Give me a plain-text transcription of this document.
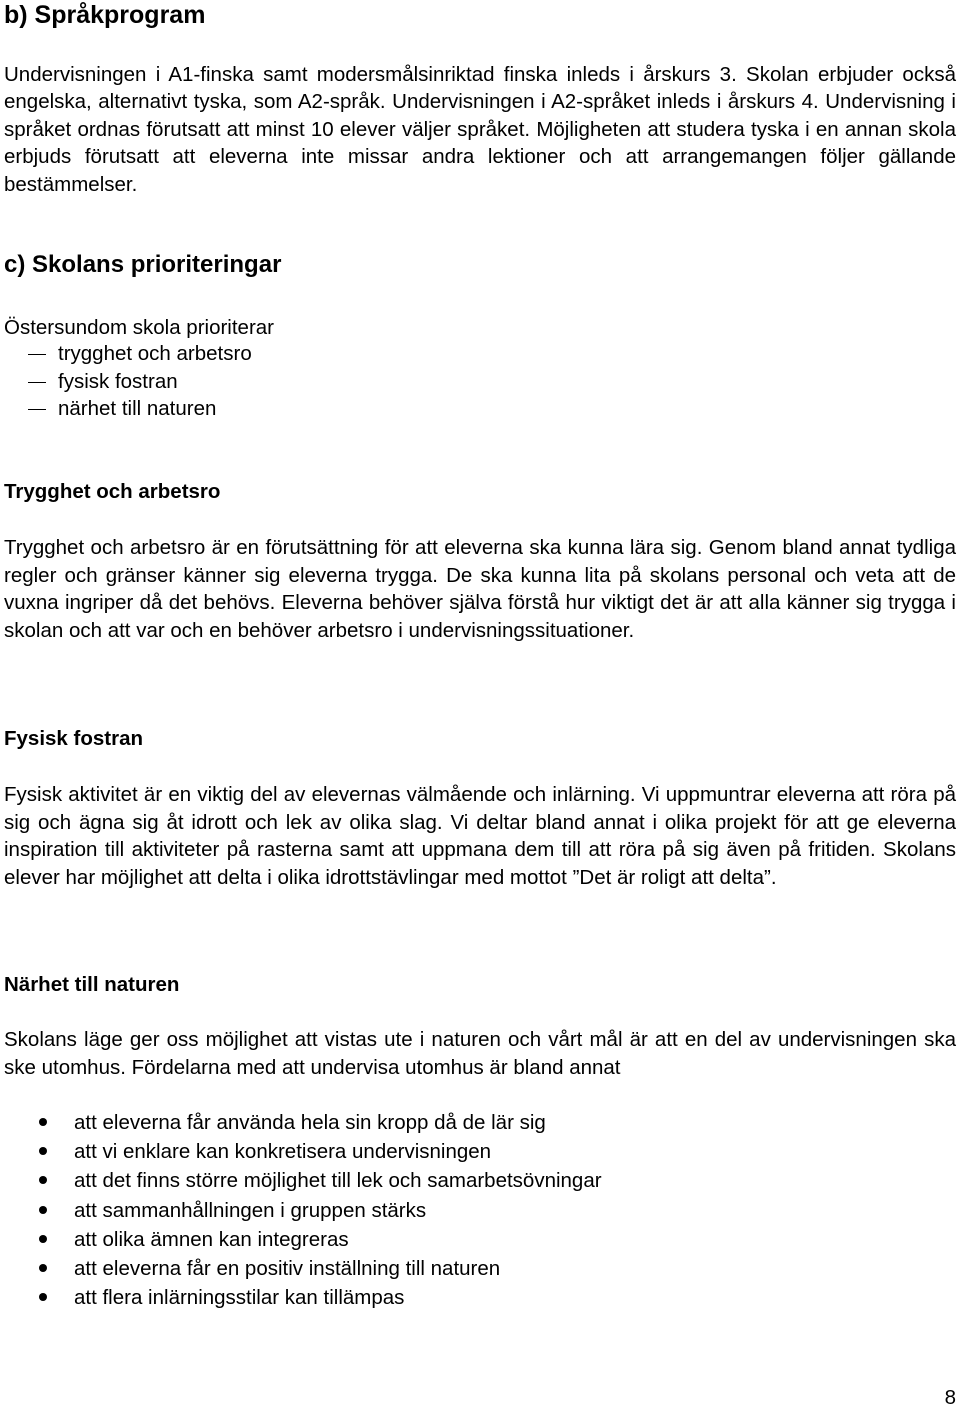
b) Språkprogram

Undervisningen i A1-finska samt modersmålsinriktad finska inleds i årskurs 3. Skolan erbjuder också engelska, alternativt tyska, som A2-språk. Undervisningen i A2-språket inleds i årskurs 4. Undervisning i språket ordnas förutsatt att minst 10 elever väljer språket. Möjligheten att studera tyska i en annan skola erbjuds förutsatt att eleverna inte missar andra lektioner och att arrangemangen följer gällande bestämmelser.

c) Skolans prioriteringar

Östersundom skola prioriterar

trygghet och arbetsro
fysisk fostran
närhet till naturen
Trygghet och arbetsro

Trygghet och arbetsro är en förutsättning för att eleverna ska kunna lära sig. Genom bland annat tydliga regler och gränser känner sig eleverna trygga. De ska kunna lita på skolans personal och veta att de vuxna ingriper då det behövs. Eleverna behöver själva förstå hur viktigt det är att alla känner sig trygga i skolan och att var och en behöver arbetsro i undervisningssituationer.

Fysisk fostran

Fysisk aktivitet är en viktig del av elevernas välmående och inlärning. Vi uppmuntrar eleverna att röra på sig och ägna sig åt idrott och lek av olika slag. Vi deltar bland annat i olika projekt för att ge eleverna inspiration till aktiviteter på rasterna samt att uppmana dem till att röra på sig även på fritiden. Skolans elever har möjlighet att delta i olika idrottstävlingar med mottot ”Det är roligt att delta”.

Närhet till naturen

Skolans läge ger oss möjlighet att vistas ute i naturen och vårt mål är att en del av undervisningen ska ske utomhus. Fördelarna med att undervisa utomhus är bland annat

att eleverna får använda hela sin kropp då de lär sig
att vi enklare kan konkretisera undervisningen
att det finns större möjlighet till lek och samarbetsövningar
att sammanhållningen i gruppen stärks
att olika ämnen kan integreras
att eleverna får en positiv inställning till naturen
att flera inlärningsstilar kan tillämpas
8
